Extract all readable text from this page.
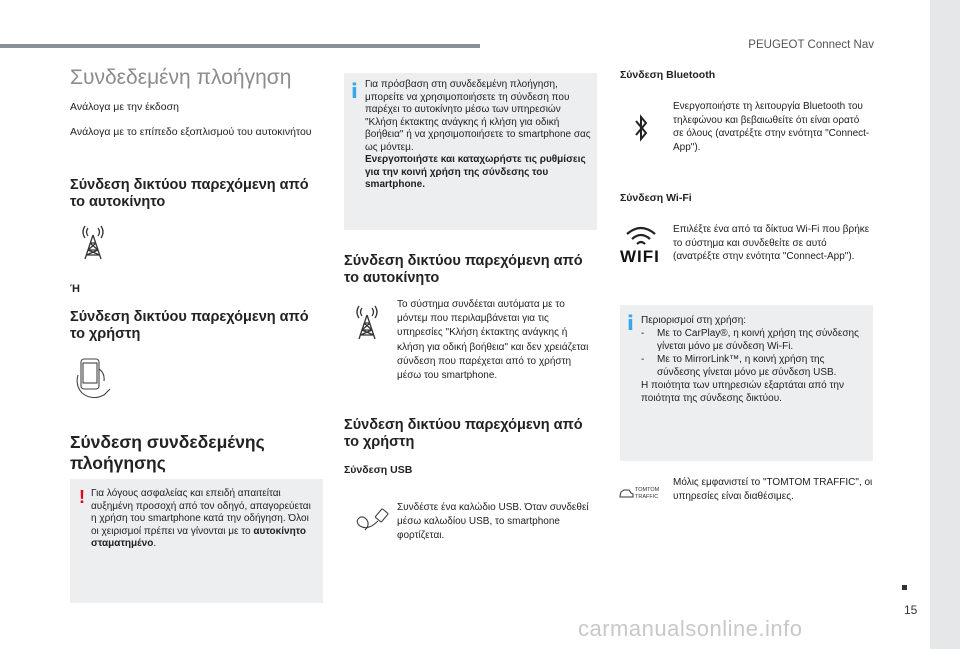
PEUGEOT Connect Nav
15
Συνδεδεμένη πλοήγηση
Ανάλογα με την έκδοση
Ανάλογα με το επίπεδο εξοπλισμού του αυτοκινήτου
Σύνδεση δικτύου παρεχόμενη από το αυτοκίνητο
Ή
Σύνδεση δικτύου παρεχόμενη από το χρήστη
Σύνδεση συνδεδεμένης πλοήγησης
! Για λόγους ασφαλείας και επειδή απαιτείται αυξημένη προσοχή από τον οδηγό, απαγορεύεται η χρήση του smartphone κατά την οδήγηση. Όλοι οι χειρισμοί πρέπει να γίνονται με το αυτοκίνητο σταματημένο.
i Για πρόσβαση στη συνδεδεμένη πλοήγηση, μπορείτε να χρησιμοποιήσετε τη σύνδεση που παρέχει το αυτοκίνητο μέσω των υπηρεσιών "Κλήση έκτακτης ανάγκης ή κλήση για οδική βοήθεια" ή να χρησιμοποιήσετε το smartphone σας ως μόντεμ.
Ενεργοποιήστε και καταχωρήστε τις ρυθμίσεις για την κοινή χρήση της σύνδεσης του smartphone.
Σύνδεση δικτύου παρεχόμενη από το αυτοκίνητο
Το σύστημα συνδέεται αυτόματα με το μόντεμ που περιλαμβάνεται για τις υπηρεσίες "Κλήση έκτακτης ανάγκης ή κλήση για οδική βοήθεια" και δεν χρειάζεται σύνδεση που παρέχεται από το χρήστη μέσω του smartphone.
Σύνδεση δικτύου παρεχόμενη από το χρήστη
Σύνδεση USB
Συνδέστε ένα καλώδιο USB. Όταν συνδεθεί μέσω καλωδίου USB, το smartphone φορτίζεται.
Σύνδεση Bluetooth
Ενεργοποιήστε τη λειτουργία Bluetooth του τηλεφώνου και βεβαιωθείτε ότι είναι ορατό σε όλους (ανατρέξτε στην ενότητα "Connect-App").
Σύνδεση Wi-Fi
WIFI
Επιλέξτε ένα από τα δίκτυα Wi-Fi που βρήκε το σύστημα και συνδεθείτε σε αυτό (ανατρέξτε στην ενότητα "Connect-App").
i Περιορισμοί στη χρήση:
-	Με το CarPlay®, η κοινή χρήση της σύνδεσης γίνεται μόνο με σύνδεση Wi-Fi.
-	Με το MirrorLink™, η κοινή χρήση της σύνδεσης γίνεται μόνο με σύνδεση USB.
Η ποιότητα των υπηρεσιών εξαρτάται από την ποιότητα της σύνδεσης δικτύου.
TOMTOM
TRAFFIC
Μόλις εμφανιστεί το "TOMTOM TRAFFIC", οι υπηρεσίες είναι διαθέσιμες.
carmanualsonline.info
